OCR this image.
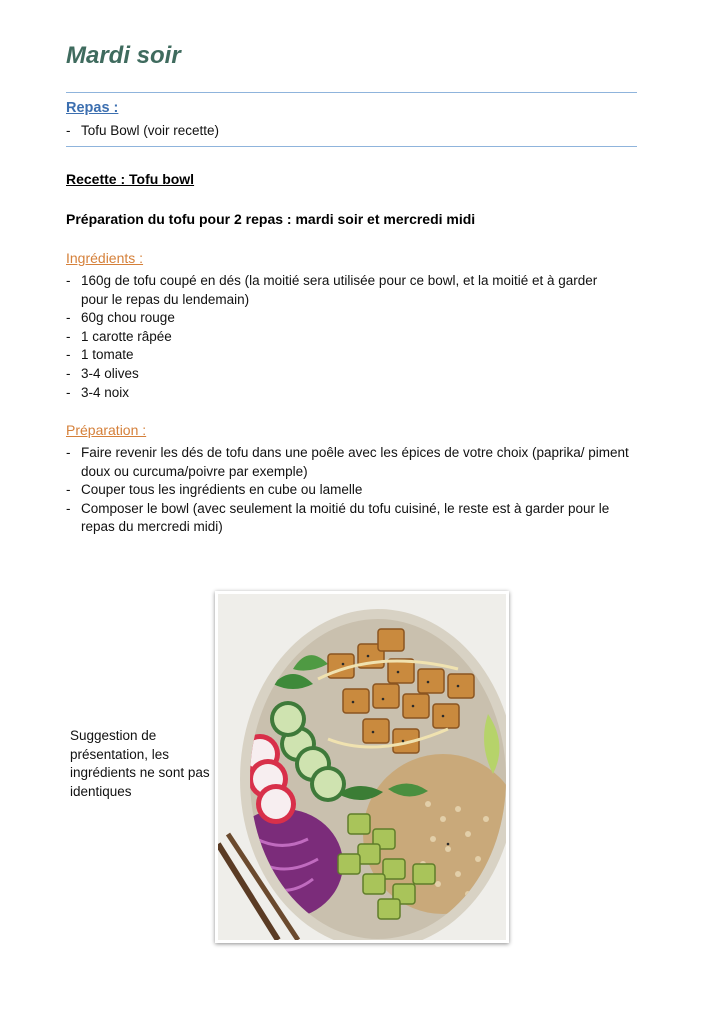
Mardi soir
Repas :
- Tofu Bowl (voir recette)

Recette : Tofu bowl

Préparation du tofu pour 2 repas : mardi soir et mercredi midi

Ingrédients :

- 160g de tofu coupé en dés (la moitié sera utilisée pour ce bowl, et la moitié et à garder pour le repas du lendemain)
- 60g chou rouge
- 1 carotte râpée
- 1 tomate
- 3-4 olives
- 3-4 noix

Préparation :

- Faire revenir les dés de tofu dans une poêle avec les épices de votre choix (paprika/ piment doux ou curcuma/poivre par exemple)
- Couper tous les ingrédients en cube ou lamelle
- Composer le bowl (avec seulement la moitié du tofu cuisiné, le reste est à garder pour le repas du mercredi midi)

Suggestion de présentation, les ingrédients ne sont pas identiques
